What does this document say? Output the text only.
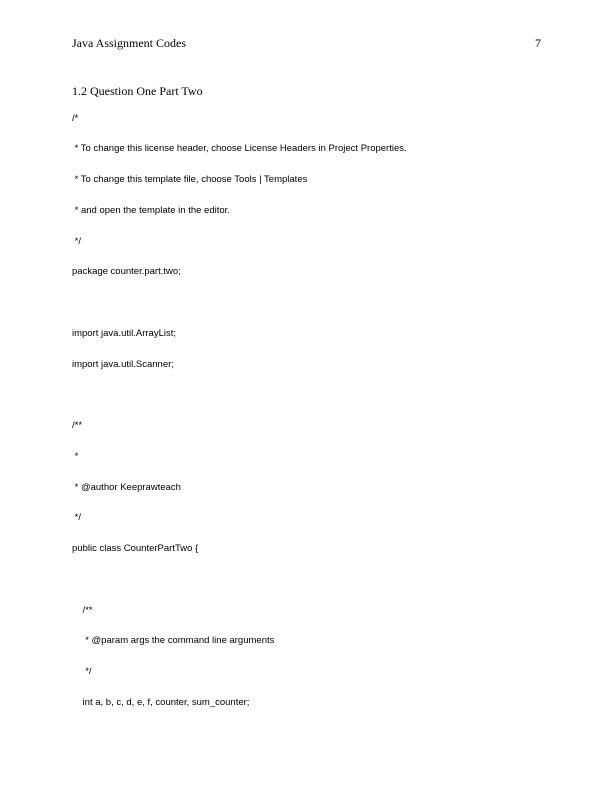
Java Assignment Codes	7
1.2 Question One Part Two
/*
* To change this license header, choose License Headers in Project Properties.
* To change this template file, choose Tools | Templates
* and open the template in the editor.
*/
package counter.part.two;
import java.util.ArrayList;
import java.util.Scanner;
/**
*
* @author Keeprawteach
*/
public class CounterPartTwo {
/**
* @param args the command line arguments
*/
int a, b, c, d, e, f, counter, sum_counter;
